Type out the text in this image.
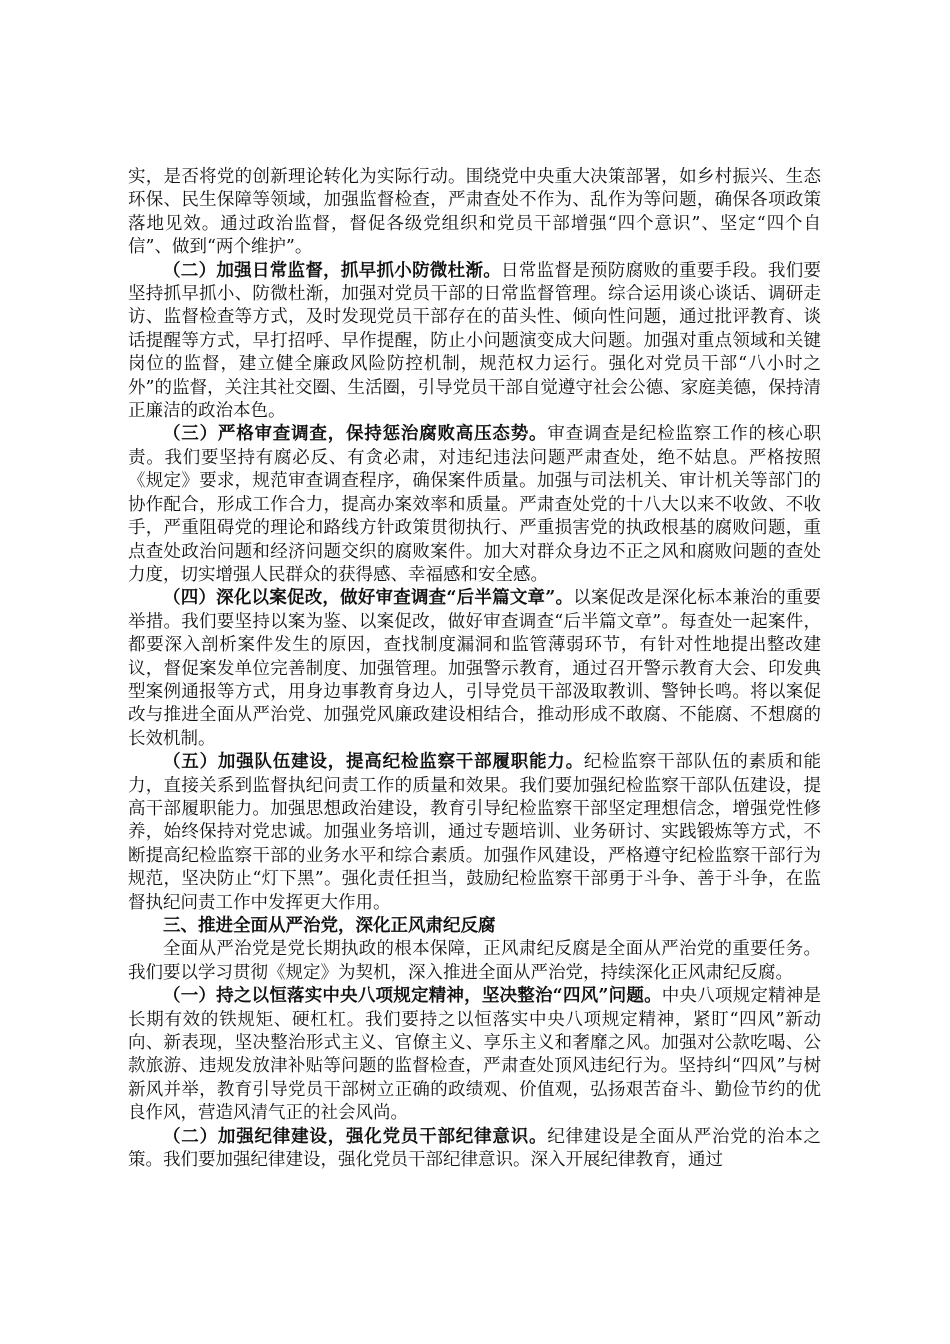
实，是否将党的创新理论转化为实际行动。围绕党中央重大决策部署，如乡村振兴、生态环保、民生保障等领域，加强监督检查，严肃查处不作为、乱作为等问题，确保各项政策落地见效。通过政治监督，督促各级党组织和党员干部增强“四个意识”、坚定“四个自信”、做到“两个维护”。

（二）加强日常监督，抓早抓小防微杜渐。日常监督是预防腐败的重要手段。我们要坚持抓早抓小、防微杜渐，加强对党员干部的日常监督管理。综合运用谈心谈话、调研走访、监督检查等方式，及时发现党员干部存在的苗头性、倾向性问题，通过批评教育、谈话提醒等方式，早打招呼、早作提醒，防止小问题演变成大问题。加强对重点领域和关键岗位的监督，建立健全廉政风险防控机制，规范权力运行。强化对党员干部“八小时之外”的监督，关注其社交圈、生活圈，引导党员干部自觉遵守社会公德、家庭美德，保持清正廉洁的政治本色。

（三）严格审查调查，保持惩治腐败高压态势。审查调查是纪检监察工作的核心职责。我们要坚持有腐必反、有贪必肃，对违纪违法问题严肃查处，绝不姑息。严格按照《规定》要求，规范审查调查程序，确保案件质量。加强与司法机关、审计机关等部门的协作配合，形成工作合力，提高办案效率和质量。严肃查处党的十八大以来不收敛、不收手，严重阻碍党的理论和路线方针政策贯彻执行、严重损害党的执政根基的腐败问题，重点查处政治问题和经济问题交织的腐败案件。加大对群众身边不正之风和腐败问题的查处力度，切实增强人民群众的获得感、幸福感和安全感。

（四）深化以案促改，做好审查调查“后半篇文章”。以案促改是深化标本兼治的重要举措。我们要坚持以案为鉴、以案促改，做好审查调查“后半篇文章”。每查处一起案件，都要深入剖析案件发生的原因，查找制度漏洞和监管薄弱环节，有针对性地提出整改建议，督促案发单位完善制度、加强管理。加强警示教育，通过召开警示教育大会、印发典型案例通报等方式，用身边事教育身边人，引导党员干部汲取教训、警钟长鸣。将以案促改与推进全面从严治党、加强党风廉政建设相结合，推动形成不敢腐、不能腐、不想腐的长效机制。

（五）加强队伍建设，提高纪检监察干部履职能力。纪检监察干部队伍的素质和能力，直接关系到监督执纪问责工作的质量和效果。我们要加强纪检监察干部队伍建设，提高干部履职能力。加强思想政治建设，教育引导纪检监察干部坚定理想信念，增强党性修养，始终保持对党忠诚。加强业务培训，通过专题培训、业务研讨、实践锻炼等方式，不断提高纪检监察干部的业务水平和综合素质。加强作风建设，严格遵守纪检监察干部行为规范，坚决防止“灯下黑”。强化责任担当，鼓励纪检监察干部勇于斗争、善于斗争，在监督执纪问责工作中发挥更大作用。

三、推进全面从严治党，深化正风肃纪反腐

全面从严治党是党长期执政的根本保障，正风肃纪反腐是全面从严治党的重要任务。我们要以学习贯彻《规定》为契机，深入推进全面从严治党，持续深化正风肃纪反腐。

（一）持之以恒落实中央八项规定精神，坚决整治“四风”问题。中央八项规定精神是长期有效的铁规矩、硬杠杠。我们要持之以恒落实中央八项规定精神，紧盯“四风”新动向、新表现，坚决整治形式主义、官僚主义、享乐主义和奢靡之风。加强对公款吃喝、公款旅游、违规发放津补贴等问题的监督检查，严肃查处顶风违纪行为。坚持纠“四风”与树新风并举，教育引导党员干部树立正确的政绩观、价值观，弘扬艰苦奋斗、勤俭节约的优良作风，营造风清气正的社会风尚。

（二）加强纪律建设，强化党员干部纪律意识。纪律建设是全面从严治党的治本之策。我们要加强纪律建设，强化党员干部纪律意识。深入开展纪律教育，通过
